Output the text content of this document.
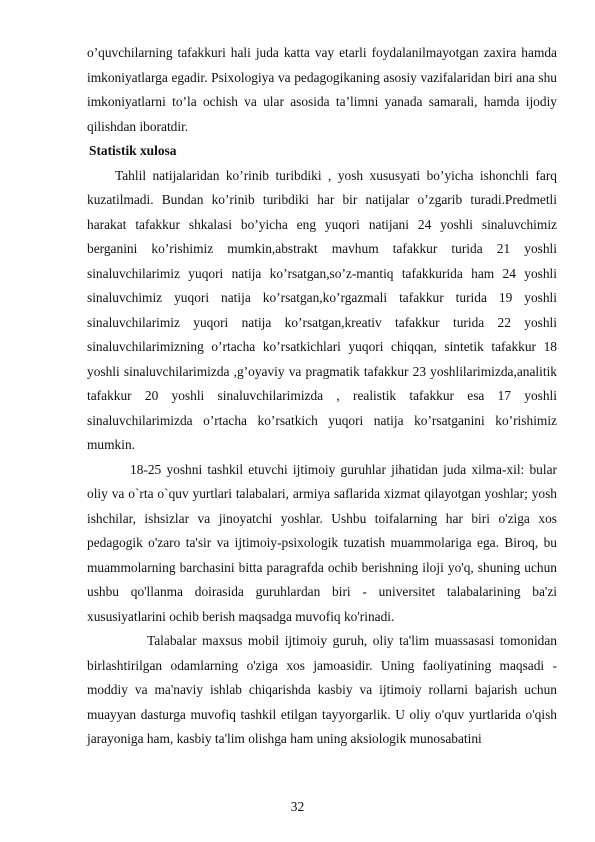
o’quvchilarning tafakkuri hali juda katta vay etarli foydalanilmayotgan zaxira hamda imkoniyatlarga egadir. Psixologiya va pedagogikaning asosiy vazifalaridan biri ana shu imkoniyatlarni to’la ochish va ular asosida ta’limni yanada samarali, hamda ijodiy qilishdan iboratdir.

Statistik xulosa

Tahlil natijalaridan ko’rinib turibdiki , yosh xususyati bo’yicha ishonchli farq kuzatilmadi. Bundan ko’rinib turibdiki har bir natijalar o’zgarib turadi.Predmetli harakat tafakkur shkalasi bo’yicha eng yuqori natijani 24 yoshli sinaluvchimiz berganini ko’rishimiz mumkin,abstrakt mavhum tafakkur turida 21 yoshli sinaluvchilarimiz yuqori natija ko’rsatgan,so’z-mantiq tafakkurida ham 24 yoshli sinaluvchimiz yuqori natija ko’rsatgan,ko’rgazmali tafakkur turida 19 yoshli sinaluvchilarimiz yuqori natija ko’rsatgan,kreativ tafakkur turida 22 yoshli sinaluvchilarimizning o’rtacha ko’rsatkichlari yuqori chiqqan, sintetik tafakkur 18 yoshli sinaluvchilarimizda ,g’oyaviy va pragmatik tafakkur 23 yoshlilarimizda,analitik tafakkur 20 yoshli sinaluvchilarimizda , realistik tafakkur esa 17 yoshli sinaluvchilarimizda o’rtacha ko’rsatkich yuqori natija ko’rsatganini ko’rishimiz mumkin.

18-25 yoshni tashkil etuvchi ijtimoiy guruhlar jihatidan juda xilma-xil: bular oliy va o`rta o`quv yurtlari talabalari, armiya saflarida xizmat qilayotgan yoshlar; yosh ishchilar, ishsizlar va jinoyatchi yoshlar. Ushbu toifalarning har biri o'ziga xos pedagogik o'zaro ta'sir va ijtimoiy-psixologik tuzatish muammolariga ega. Biroq, bu muammolarning barchasini bitta paragrafda ochib berishning iloji yo'q, shuning uchun ushbu qo'llanma doirasida guruhlardan biri - universitet talabalarining ba'zi xususiyatlarini ochib berish maqsadga muvofiq ko'rinadi.

Talabalar maxsus mobil ijtimoiy guruh, oliy ta'lim muassasasi tomonidan birlashtirilgan odamlarning o'ziga xos jamoasidir. Uning faoliyatining maqsadi - moddiy va ma'naviy ishlab chiqarishda kasbiy va ijtimoiy rollarni bajarish uchun muayyan dasturga muvofiq tashkil etilgan tayyorgarlik. U oliy o'quv yurtlarida o'qish jarayoniga ham, kasbiy ta'lim olishga ham uning aksiologik munosabatini

32
